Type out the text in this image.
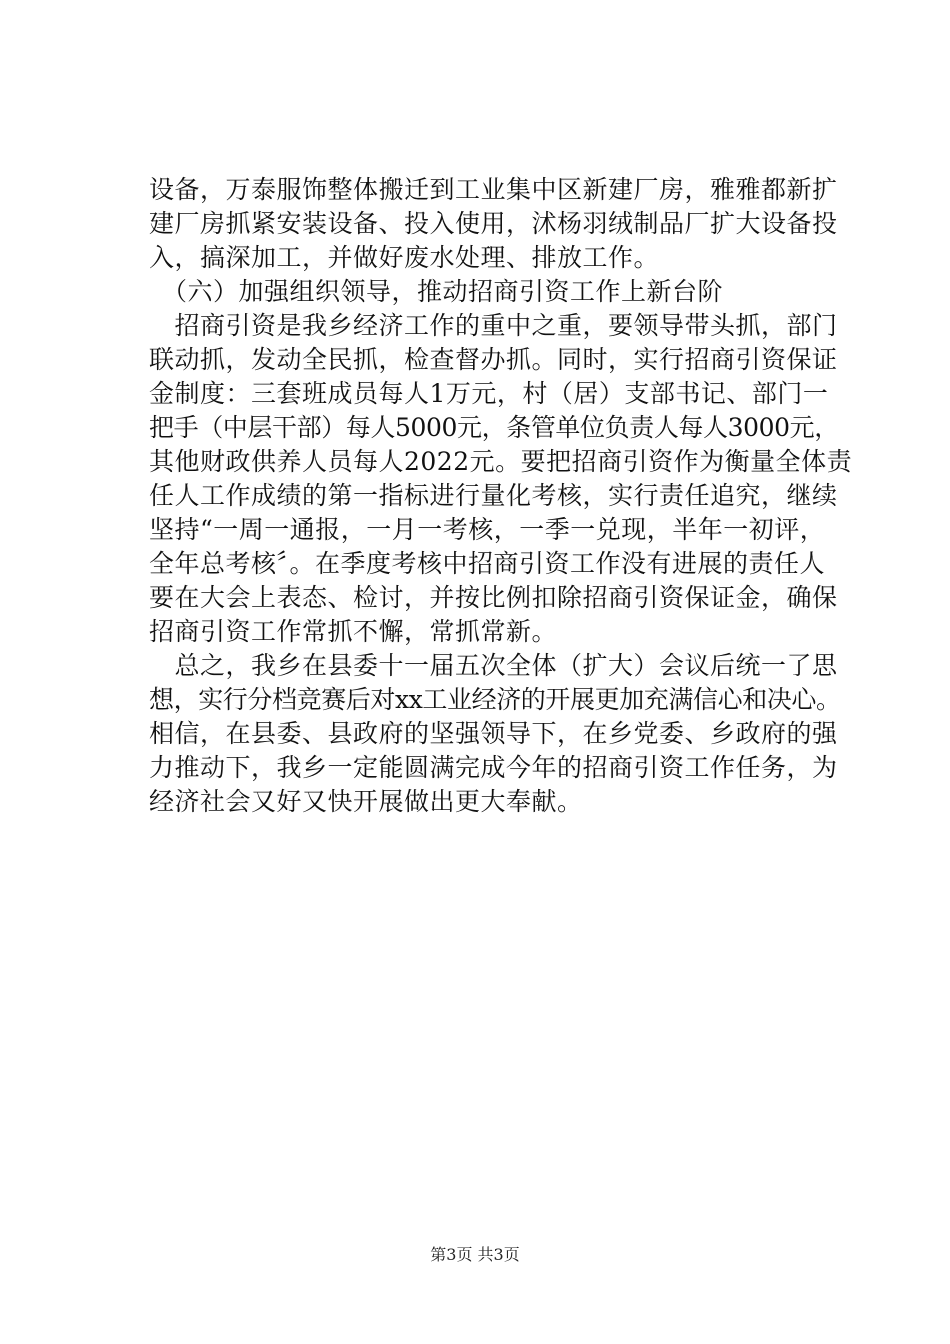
设备，万泰服饰整体搬迁到工业集中区新建厂房，雅雅都新扩
建厂房抓紧安装设备、投入使用，沭杨羽绒制品厂扩大设备投
入，搞深加工，并做好废水处理、排放工作。
　（六）加强组织领导，推动招商引资工作上新台阶
　招商引资是我乡经济工作的重中之重，要领导带头抓，部门
联动抓，发动全民抓，检查督办抓。同时，实行招商引资保证
金制度：三套班成员每人1万元，村（居）支部书记、部门一
把手（中层干部）每人5000元，条管单位负责人每人3000元，
其他财政供养人员每人2022元。要把招商引资作为衡量全体责
任人工作成绩的第一指标进行量化考核，实行责任追究，继续
坚持“一周一通报，一月一考核，一季一兑现，半年一初评，
全年总考核〞。在季度考核中招商引资工作没有进展的责任人
要在大会上表态、检讨，并按比例扣除招商引资保证金，确保
招商引资工作常抓不懈，常抓常新。
　总之，我乡在县委十一届五次全体（扩大）会议后统一了思
想，实行分档竞赛后对xx工业经济的开展更加充满信心和决心。
相信，在县委、县政府的坚强领导下，在乡党委、乡政府的强
力推动下，我乡一定能圆满完成今年的招商引资工作任务，为
经济社会又好又快开展做出更大奉献。
第3页 共3页
